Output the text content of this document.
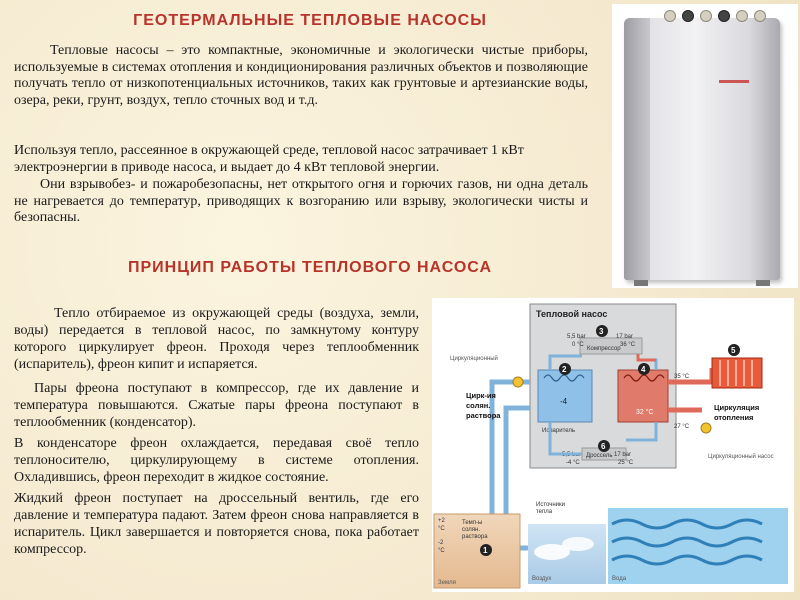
ГЕОТЕРМАЛЬНЫЕ ТЕПЛОВЫЕ НАСОСЫ

Тепловые насосы – это компактные, экономичные и экологически чистые приборы, используемые в системах отопления и кондиционирования различных объектов и позволяющие получать тепло от низкопотенциальных источников, таких как грунтовые и артезианские воды, озера, реки, грунт, воздух, тепло сточных вод и т.д.

Используя тепло, рассеянное в окружающей среде, тепловой насос затрачивает 1 кВт электроэнергии в приводе насоса, и выдает до 4 кВт тепловой энергии.

Они взрывобез- и пожаробезопасны, нет открытого огня и горючих газов, ни одна деталь не нагревается до температур, приводящих к возгоранию или взрыву, экологически чисты и безопасны.

ПРИНЦИП РАБОТЫ ТЕПЛОВОГО НАСОСА

Тепло отбираемое из окружающей среды (воздуха, земли, воды) передается в тепловой насос, по замкнутому контуру которого циркулирует фреон. Проходя через теплообменник (испаритель), фреон кипит и испаряется.

Пары фреона поступают в компрессор, где их давление и температура повышаются. Сжатые пары фреона поступают в теплообменник (конденсатор).

В конденсаторе фреон охлаждается, передавая своё тепло теплоносителю, циркулирующему в системе отопления. Охладившись, фреон переходит в жидкое состояние.

Жидкий фреон поступает на дроссельный вентиль, где его давление и температура падают. Затем фреон снова направляется в испаритель. Цикл завершается и повторяется снова, пока работает компрессор.

Тепловой насос
Компрессор
3
5,5 bar	17 bar
0 °C	36 °C
-4
Испаритель
2
32 °C
4
Дроссель
6
5,5 bar	17 bar
-4 °C	25 °C
Циркуляционный
Цирк-ия
солян.
раствора
35 °C
27 °C
5
Циркуляция
отопления
Циркуляционный насос
Источники
тепла
+2
°С
-2
°С
Темп-ы
солян.
раствора
1
Земля
Воздух	Вода
